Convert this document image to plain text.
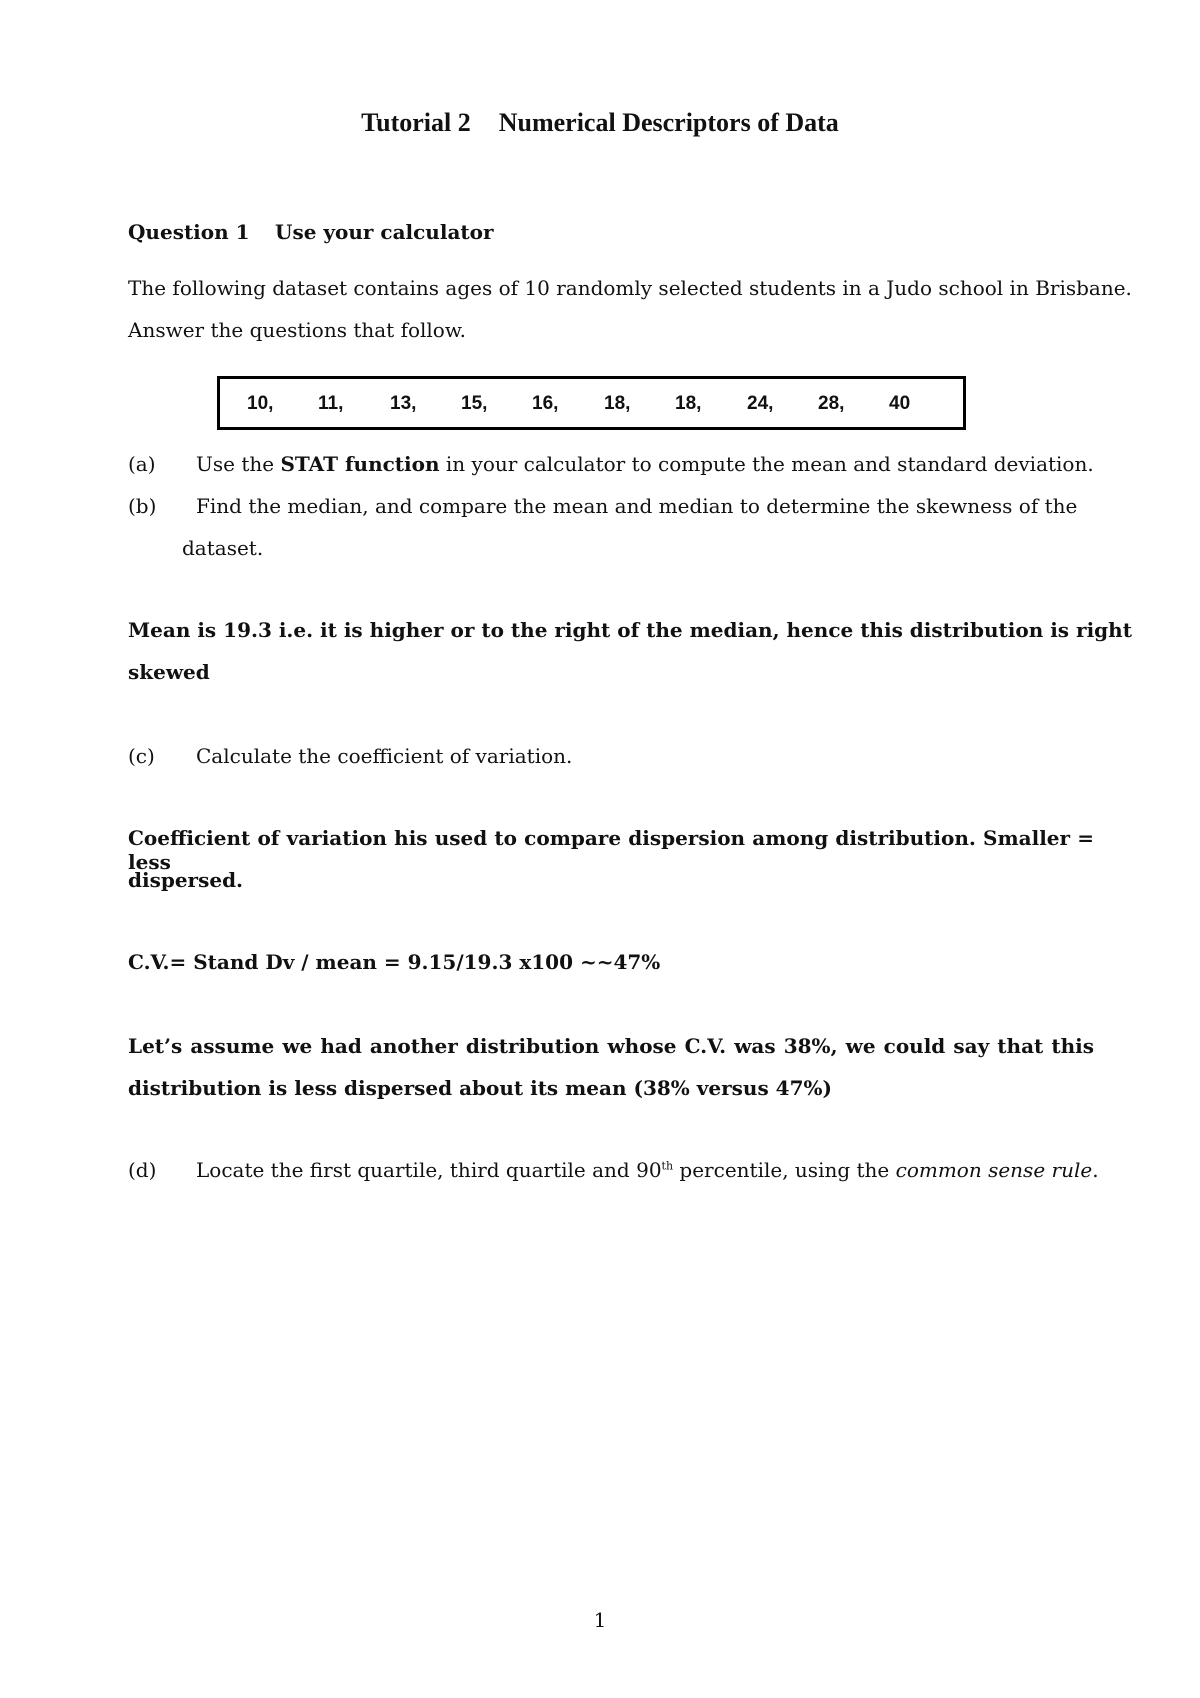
Tutorial 2 Numerical Descriptors of Data
Question 1 Use your calculator

The following dataset contains ages of 10 randomly selected students in a Judo school in Brisbane.

Answer the questions that follow.

10, 11, 13, 15, 16, 18, 18, 24, 28, 40

(a) Use the STAT function in your calculator to compute the mean and standard deviation.

(b) Find the median, and compare the mean and median to determine the skewness of the

dataset.

Mean is 19.3 i.e. it is higher or to the right of the median, hence this distribution is right

skewed

(c) Calculate the coefficient of variation.

Coefficient of variation his used to compare dispersion among distribution. Smaller = less

dispersed.

C.V.= Stand Dv / mean = 9.15/19.3 x100 ~~47%

Let’s assume we had another distribution whose C.V. was 38%, we could say that this

distribution is less dispersed about its mean (38% versus 47%)

(d) Locate the first quartile, third quartile and 90th percentile, using the common sense rule.

1
